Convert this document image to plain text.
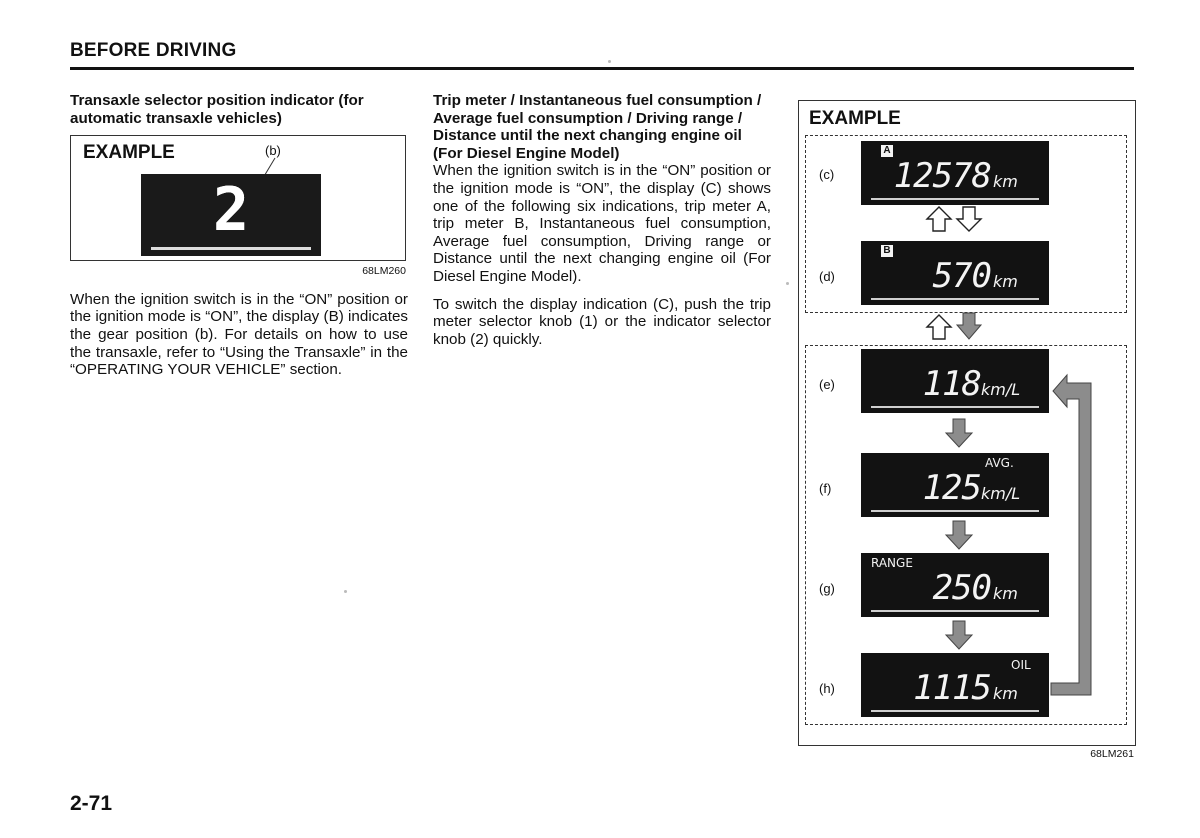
BEFORE DRIVING

Transaxle selector position indicator (for automatic transaxle vehicles)

EXAMPLE	(b)
2
68LM260

When the ignition switch is in the “ON” position or the ignition mode is “ON”, the display (B) indicates the gear position (b). For details on how to use the transaxle, refer to “Using the Transaxle” in the “OPERATING YOUR VEHICLE” section.

Trip meter / Instantaneous fuel consumption / Average fuel consumption / Driving range / Distance until the next changing engine oil (For Diesel Engine Model)

When the ignition switch is in the “ON” position or the ignition mode is “ON”, the display (C) shows one of the following six indications, trip meter A, trip meter B, Instantaneous fuel consumption, Average fuel consumption, Driving range or Distance until the next changing engine oil (For Diesel Engine Model).

To switch the display indication (C), push the trip meter selector knob (1) or the indicator selector knob (2) quickly.

EXAMPLE
(c)
A
12578 km
(d)
B
570 km
(e)	118 km/L
(f)
AVG.
125 km/L
(g)
RANGE
250 km
(h)
OIL
1115 km
68LM261
2-71
